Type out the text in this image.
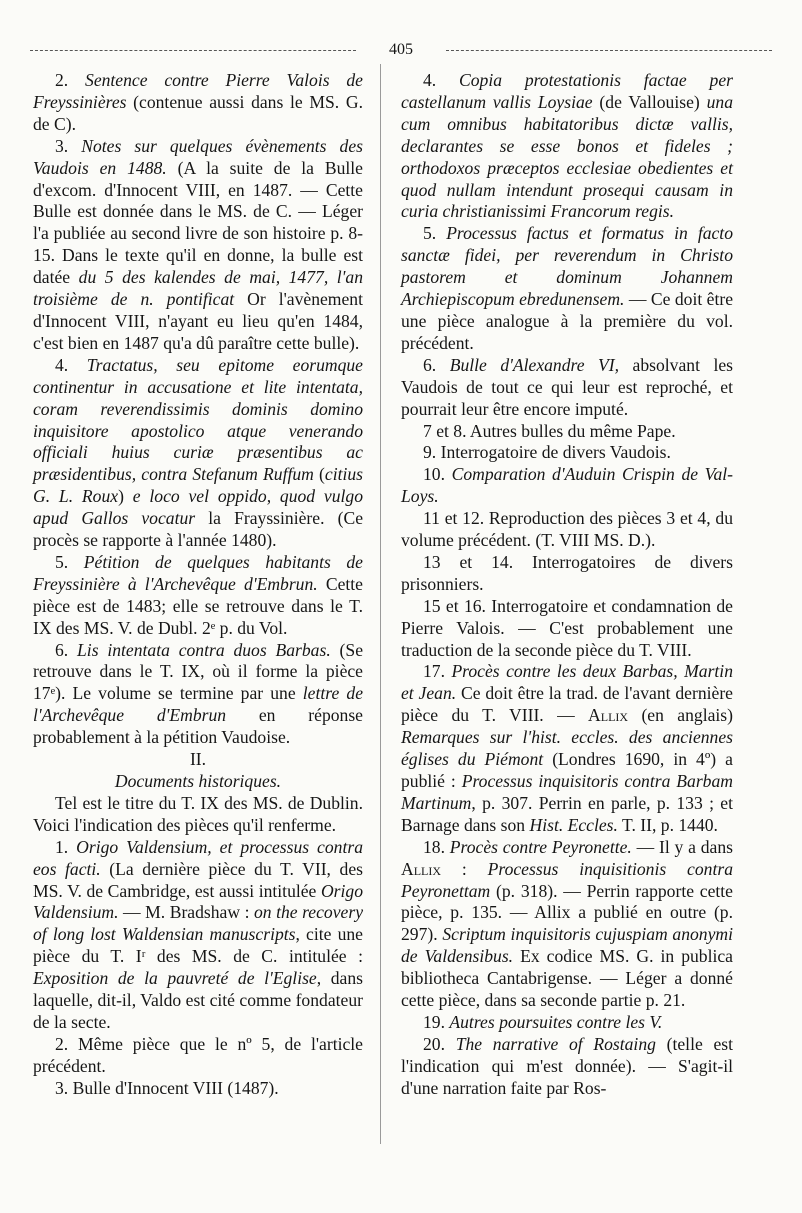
405

2. Sentence contre Pierre Valois de Freyssinières (contenue aussi dans le MS. G. de C).

3. Notes sur quelques évènements des Vaudois en 1488. (A la suite de la Bulle d'excom. d'Innocent VIII, en 1487. — Cette Bulle est donnée dans le MS. de C. — Léger l'a publiée au second livre de son histoire p. 8-15. Dans le texte qu'il en donne, la bulle est datée du 5 des kalendes de mai, 1477, l'an troisième de n. pontificat Or l'avènement d'Innocent VIII, n'ayant eu lieu qu'en 1484, c'est bien en 1487 qu'a dû paraître cette bulle).

4. Tractatus, seu epitome eorumque continentur in accusatione et lite intentata, coram reverendissimis dominis domino inquisitore apostolico atque venerando officiali huius curiæ præsentibus ac præsidentibus, contra Stefanum Ruffum (citius G. L. Roux) e loco vel oppido, quod vulgo apud Gallos vocatur la Frayssinière. (Ce procès se rapporte à l'année 1480).

5. Pétition de quelques habitants de Freyssinière à l'Archevêque d'Embrun. Cette pièce est de 1483; elle se retrouve dans le T. IX des MS. V. de Dubl. 2ᵉ p. du Vol.

6. Lis intentata contra duos Barbas. (Se retrouve dans le T. IX, où il forme la pièce 17ᵉ). Le volume se termine par une lettre de l'Archevêque d'Embrun en réponse probablement à la pétition Vaudoise.

II.

Documents historiques.

Tel est le titre du T. IX des MS. de Dublin. Voici l'indication des pièces qu'il renferme.

1. Origo Valdensium, et processus contra eos facti. (La dernière pièce du T. VII, des MS. V. de Cambridge, est aussi intitulée Origo Valdensium. — M. Bradshaw : on the recovery of long lost Waldensian manuscripts, cite une pièce du T. Iʳ des MS. de C. intitulée : Exposition de la pauvreté de l'Eglise, dans laquelle, dit-il, Valdo est cité comme fondateur de la secte.

2. Même pièce que le nº 5, de l'article précédent.

3. Bulle d'Innocent VIII (1487).

4. Copia protestationis factae per castellanum vallis Loysiae (de Vallouise) una cum omnibus habitatoribus dictæ vallis, declarantes se esse bonos et fideles ; orthodoxos præceptos ecclesiae obedientes et quod nullam intendunt prosequi causam in curia christianissimi Francorum regis.

5. Processus factus et formatus in facto sanctæ fidei, per reverendum in Christo pastorem et dominum Johannem Archiepiscopum ebredunensem. — Ce doit être une pièce analogue à la première du vol. précédent.

6. Bulle d'Alexandre VI, absolvant les Vaudois de tout ce qui leur est reproché, et pourrait leur être encore imputé.

7 et 8. Autres bulles du même Pape.

9. Interrogatoire de divers Vaudois.

10. Comparation d'Auduin Crispin de Val-Loys.

11 et 12. Reproduction des pièces 3 et 4, du volume précédent. (T. VIII MS. D.).

13 et 14. Interrogatoires de divers prisonniers.

15 et 16. Interrogatoire et condamnation de Pierre Valois. — C'est probablement une traduction de la seconde pièce du T. VIII.

17. Procès contre les deux Barbas, Martin et Jean. Ce doit être la trad. de l'avant dernière pièce du T. VIII. — Allix (en anglais) Remarques sur l'hist. eccles. des anciennes églises du Piémont (Londres 1690, in 4º) a publié : Processus inquisitoris contra Barbam Martinum, p. 307. Perrin en parle, p. 133 ; et Barnage dans son Hist. Eccles. T. II, p. 1440.

18. Procès contre Peyronette. — Il y a dans Allix : Processus inquisitionis contra Peyronettam (p. 318). — Perrin rapporte cette pièce, p. 135. — Allix a publié en outre (p. 297). Scriptum inquisitoris cujuspiam anonymi de Valdensibus. Ex codice MS. G. in publica bibliotheca Cantabrigense. — Léger a donné cette pièce, dans sa seconde partie p. 21.

19. Autres poursuites contre les V.

20. The narrative of Rostaing (telle est l'indication qui m'est donnée). — S'agit-il d'une narration faite par Ros-
